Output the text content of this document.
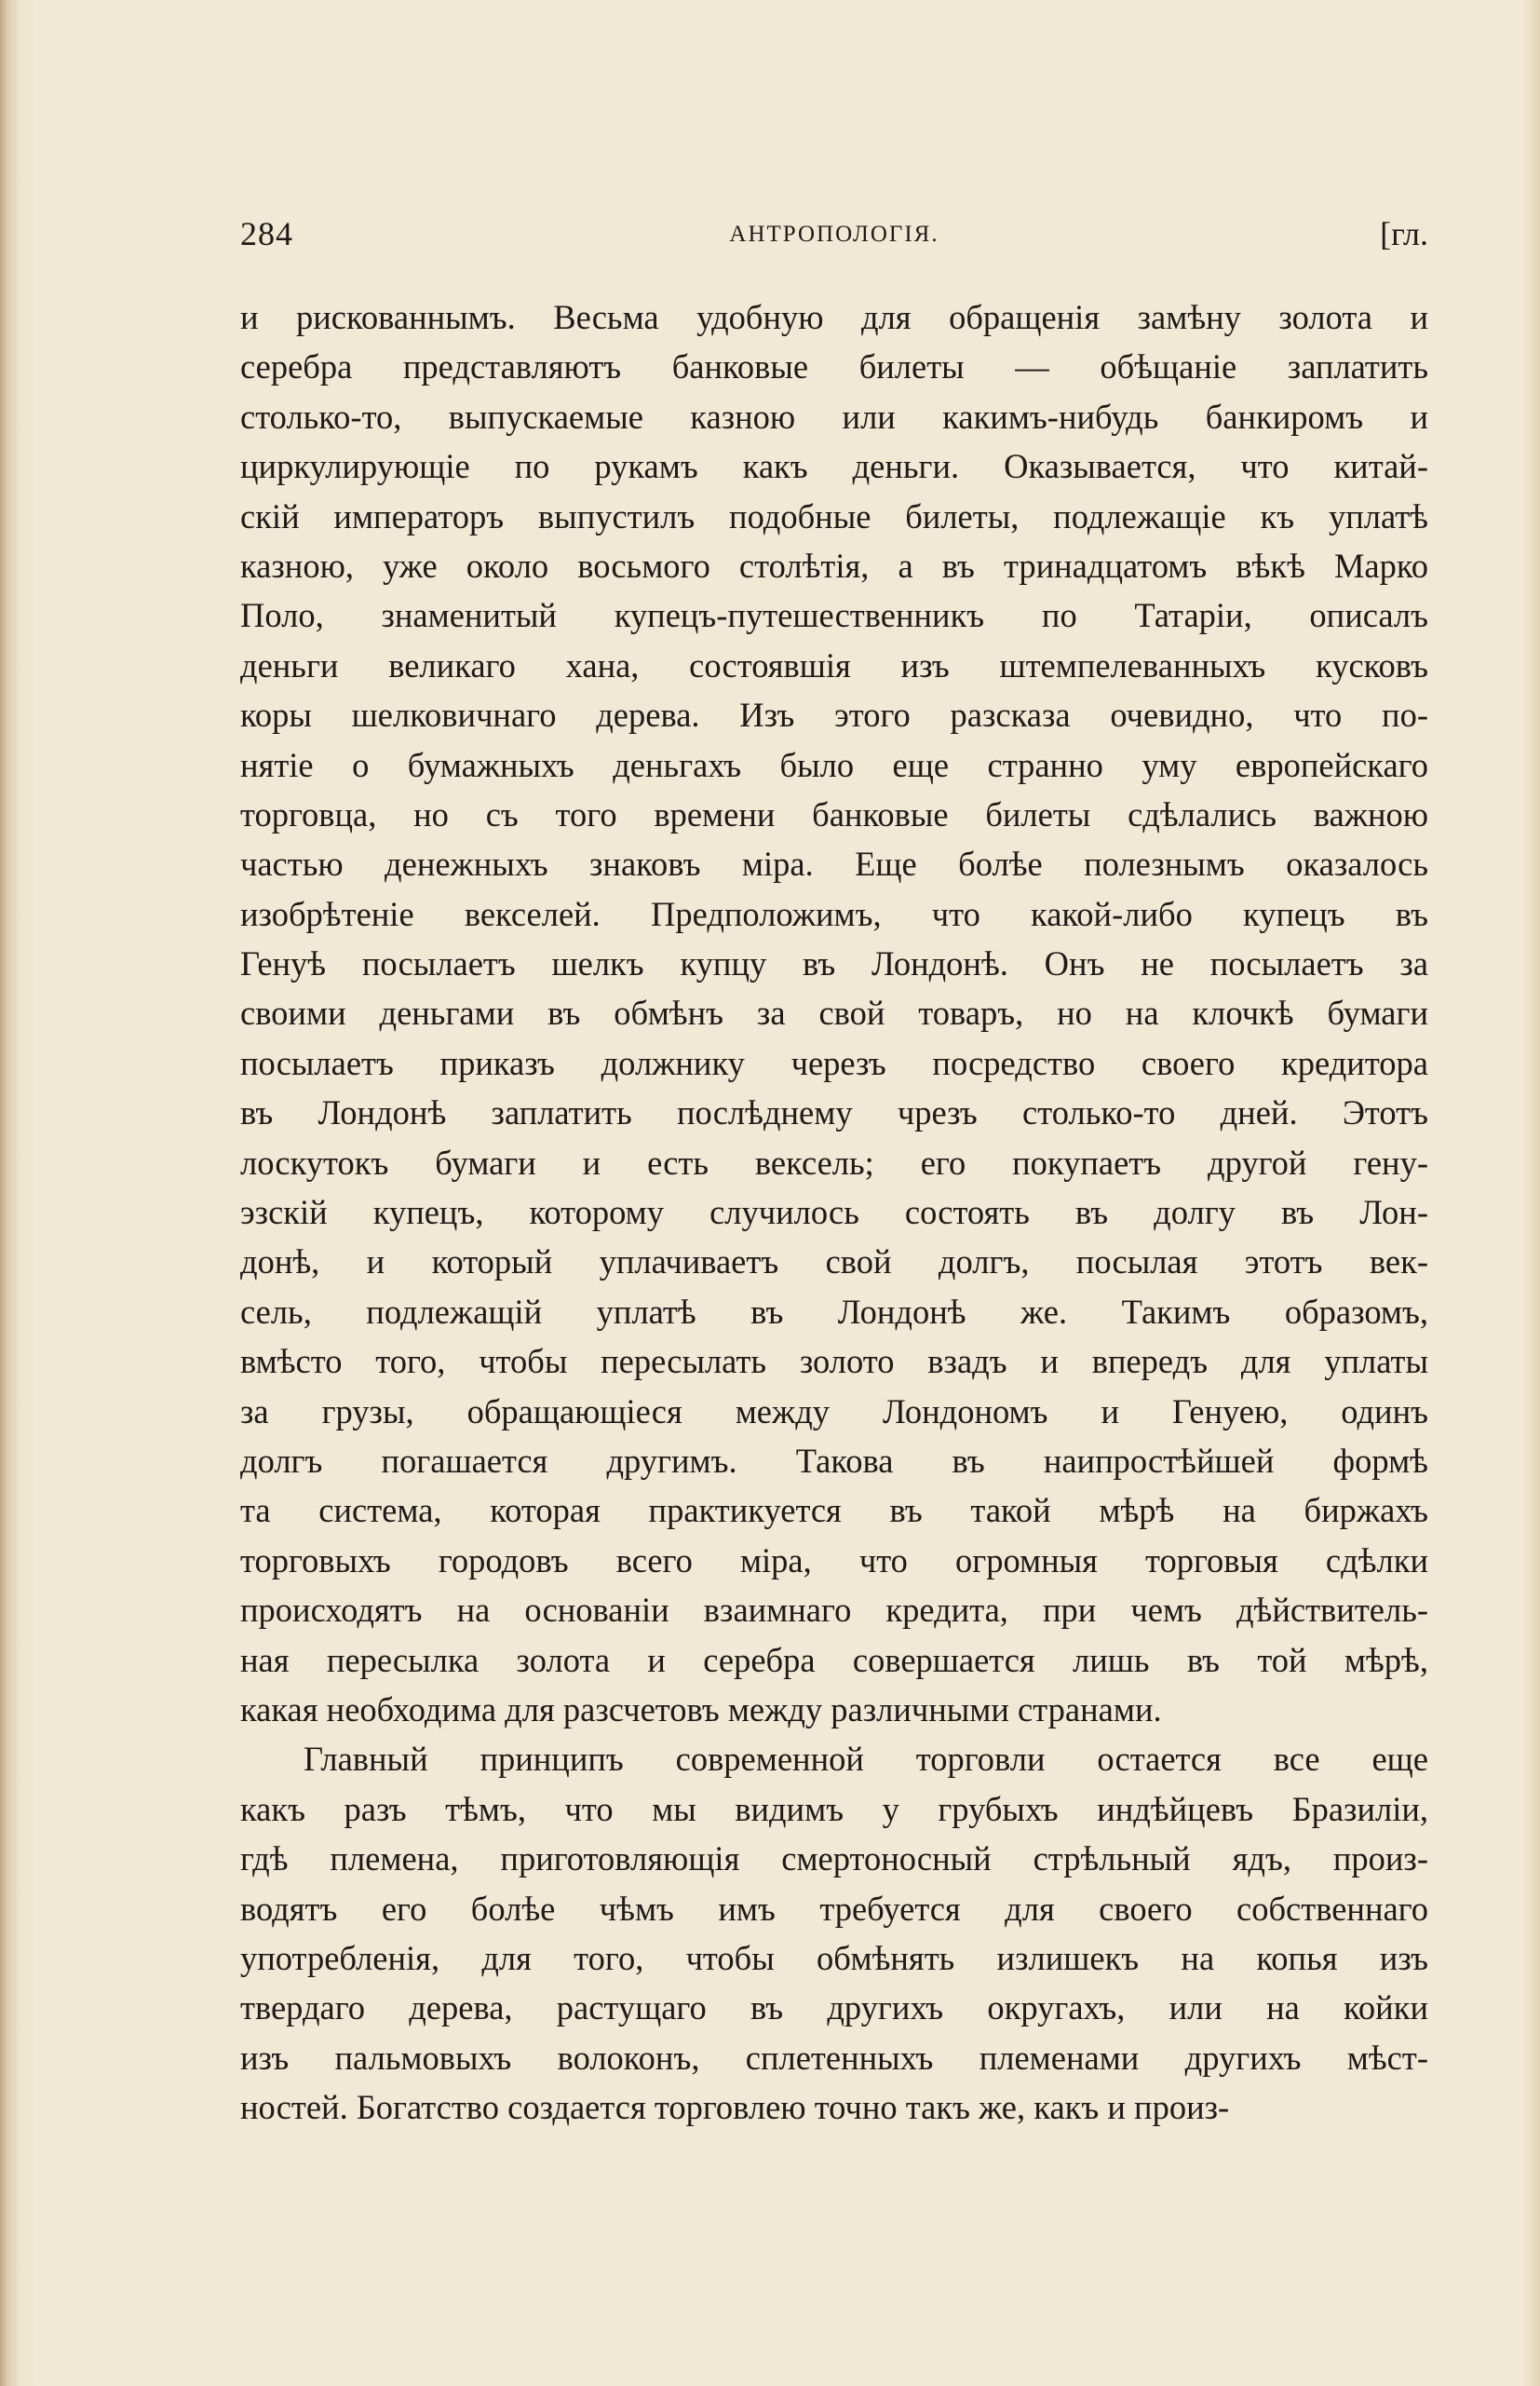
284	АНТРОПОЛОГІЯ.	[гл.
и рискованнымъ. Весьма удобную для обращенія замѣну золота и
серебра представляютъ банковые билеты — обѣщаніе заплатить
столько-то, выпускаемые казною или какимъ-нибудь банкиромъ и
циркулирующіе по рукамъ какъ деньги. Оказывается, что китай-
скій императоръ выпустилъ подобные билеты, подлежащіе къ уплатѣ
казною, уже около восьмого столѣтія, а въ тринадцатомъ вѣкѣ Марко
Поло, знаменитый купецъ-путешественникъ по Татаріи, описалъ
деньги великаго хана, состоявшія изъ штемпелеванныхъ кусковъ
коры шелковичнаго дерева. Изъ этого разсказа очевидно, что по-
нятіе о бумажныхъ деньгахъ было еще странно уму европейскаго
торговца, но съ того времени банковые билеты сдѣлались важною
частью денежныхъ знаковъ міра. Еще болѣе полезнымъ оказалось
изобрѣтеніе векселей. Предположимъ, что какой-либо купецъ въ
Генуѣ посылаетъ шелкъ купцу въ Лондонѣ. Онъ не посылаетъ за
своими деньгами въ обмѣнъ за свой товаръ, но на клочкѣ бумаги
посылаетъ приказъ должнику черезъ посредство своего кредитора
въ Лондонѣ заплатить послѣднему чрезъ столько-то дней. Этотъ
лоскутокъ бумаги и есть вексель; его покупаетъ другой гену-
эзскій купецъ, которому случилось состоять въ долгу въ Лон-
донѣ, и который уплачиваетъ свой долгъ, посылая этотъ век-
сель, подлежащій уплатѣ въ Лондонѣ же. Такимъ образомъ,
вмѣсто того, чтобы пересылать золото взадъ и впередъ для уплаты
за грузы, обращающіеся между Лондономъ и Генуею, одинъ
долгъ погашается другимъ. Такова въ наипростѣйшей формѣ
та система, которая практикуется въ такой мѣрѣ на биржахъ
торговыхъ городовъ всего міра, что огромныя торговыя сдѣлки
происходятъ на основаніи взаимнаго кредита, при чемъ дѣйствитель-
ная пересылка золота и серебра совершается лишь въ той мѣрѣ,
какая необходима для разсчетовъ между различными странами.
Главный принципъ современной торговли остается все еще
какъ разъ тѣмъ, что мы видимъ у грубыхъ индѣйцевъ Бразиліи,
гдѣ племена, приготовляющія смертоносный стрѣльный ядъ, произ-
водятъ его болѣе чѣмъ имъ требуется для своего собственнаго
употребленія, для того, чтобы обмѣнять излишекъ на копья изъ
твердаго дерева, растущаго въ другихъ округахъ, или на койки
изъ пальмовыхъ волоконъ, сплетенныхъ племенами другихъ мѣст-
ностей. Богатство создается торговлею точно такъ же, какъ и произ-
